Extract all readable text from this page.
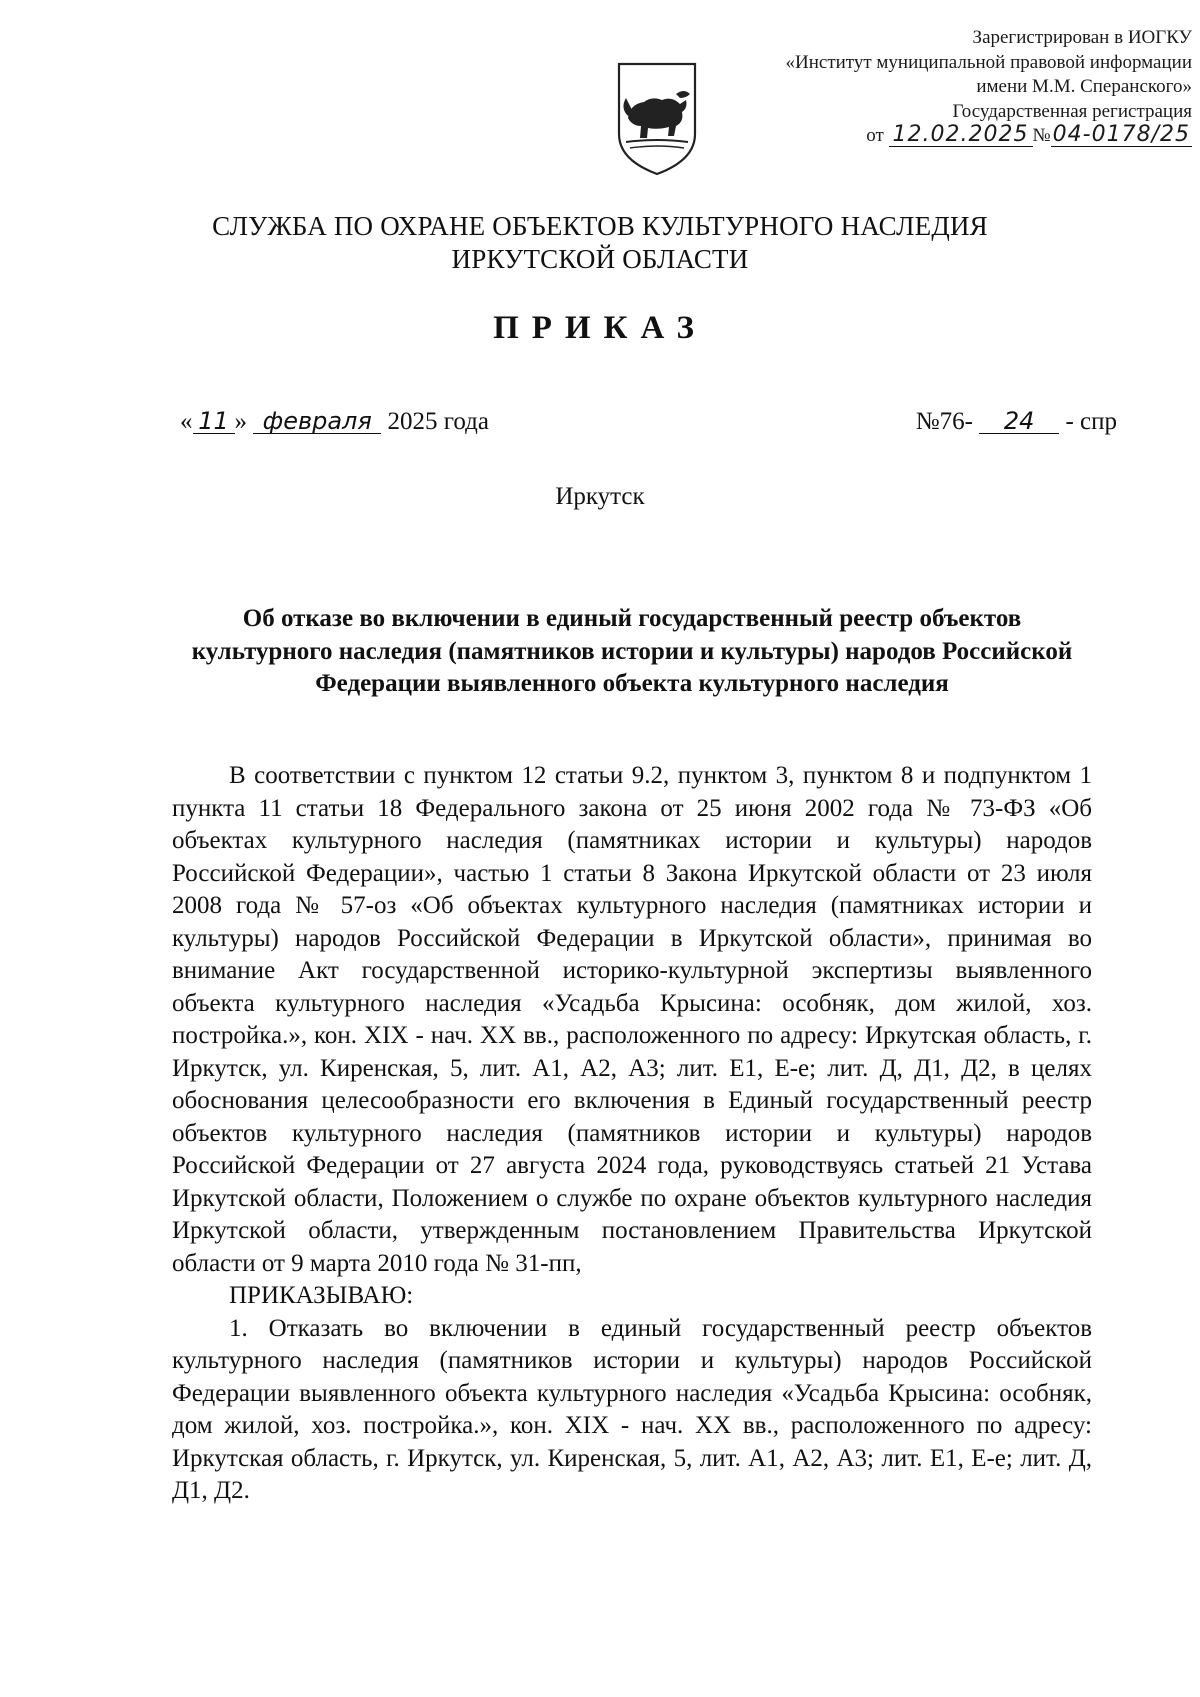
Зарегистрирован в ИОГКУ
«Институт муниципальной правовой информации
имени М.М. Сперанского»
Государственная регистрация
от 12.02.2025 №04-0178/25
СЛУЖБА ПО ОХРАНЕ ОБЪЕКТОВ КУЛЬТУРНОГО НАСЛЕДИЯ
ИРКУТСКОЙ ОБЛАСТИ
ПРИКАЗ
« 11 » февраля 2025 года	№76- 24 - спр
Иркутск
Об отказе во включении в единый государственный реестр объектов культурного наследия (памятников истории и культуры) народов Российской Федерации выявленного объекта культурного наследия

В соответствии с пунктом 12 статьи 9.2, пунктом 3, пунктом 8 и подпунктом 1 пункта 11 статьи 18 Федерального закона от 25 июня 2002 года № 73-ФЗ «Об объектах культурного наследия (памятниках истории и культуры) народов Российской Федерации», частью 1 статьи 8 Закона Иркутской области от 23 июля 2008 года № 57-оз «Об объектах культурного наследия (памятниках истории и культуры) народов Российской Федерации в Иркутской области», принимая во внимание Акт государственной историко-культурной экспертизы выявленного объекта культурного наследия «Усадьба Крысина: особняк, дом жилой, хоз. постройка.», кон. XIX - нач. XX вв., расположенного по адресу: Иркутская область, г. Иркутск, ул. Киренская, 5, лит. А1, А2, А3; лит. Е1, Е-е; лит. Д, Д1, Д2, в целях обоснования целесообразности его включения в Единый государственный реестр объектов культурного наследия (памятников истории и культуры) народов Российской Федерации от 27 августа 2024 года, руководствуясь статьей 21 Устава Иркутской области, Положением о службе по охране объектов культурного наследия Иркутской области, утвержденным постановлением Правительства Иркутской области от 9 марта 2010 года № 31-пп,

ПРИКАЗЫВАЮ:

1. Отказать во включении в единый государственный реестр объектов культурного наследия (памятников истории и культуры) народов Российской Федерации выявленного объекта культурного наследия «Усадьба Крысина: особняк, дом жилой, хоз. постройка.», кон. XIX - нач. XX вв., расположенного по адресу: Иркутская область, г. Иркутск, ул. Киренская, 5, лит. А1, А2, А3; лит. Е1, Е-е; лит. Д, Д1, Д2.
